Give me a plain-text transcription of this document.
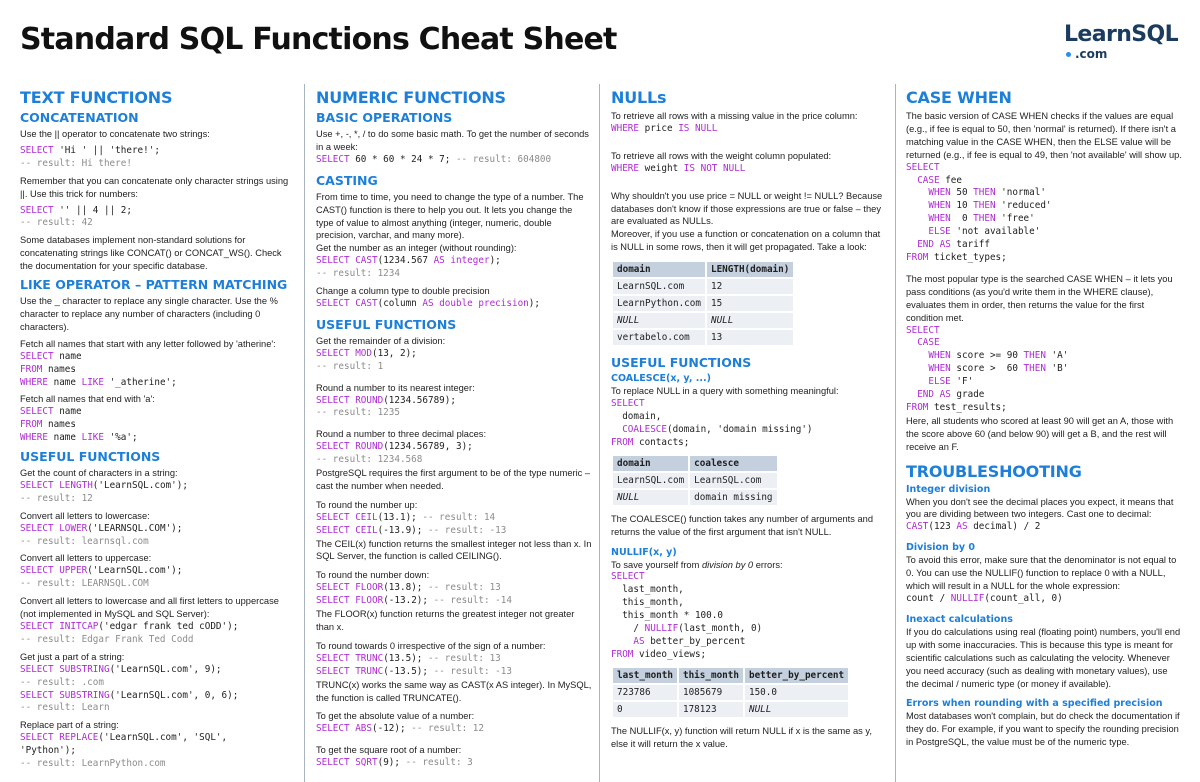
Standard SQL Functions Cheat Sheet	LearnSQL
.com
TEXT FUNCTIONS
CONCATENATION
Use the || operator to concatenate two strings:
SELECT 'Hi ' || 'there!';
-- result: Hi there!
Remember that you can concatenate only character strings using ||. Use this trick for numbers:
SELECT '' || 4 || 2;
-- result: 42
Some databases implement non-standard solutions for concatenating strings like CONCAT() or CONCAT_WS(). Check the documentation for your specific database.
LIKE OPERATOR – PATTERN MATCHING
Use the _ character to replace any single character. Use the % character to replace any number of characters (including 0 characters).
Fetch all names that start with any letter followed by 'atherine':
SELECT name
FROM names
WHERE name LIKE '_atherine';
Fetch all names that end with 'a':
SELECT name
FROM names
WHERE name LIKE '%a';
USEFUL FUNCTIONS
Get the count of characters in a string:
SELECT LENGTH('LearnSQL.com');
-- result: 12
Convert all letters to lowercase:
SELECT LOWER('LEARNSQL.COM');
-- result: learnsql.com
Convert all letters to uppercase:
SELECT UPPER('LearnSQL.com');
-- result: LEARNSQL.COM
Convert all letters to lowercase and all first letters to uppercase (not implemented in MySQL and SQL Server):
SELECT INITCAP('edgar frank ted cODD');
-- result: Edgar Frank Ted Codd
Get just a part of a string:
SELECT SUBSTRING('LearnSQL.com', 9);
-- result: .com
SELECT SUBSTRING('LearnSQL.com', 0, 6);
-- result: Learn
Replace part of a string:
SELECT REPLACE('LearnSQL.com', 'SQL',
'Python');
-- result: LearnPython.com
NUMERIC FUNCTIONS
BASIC OPERATIONS
Use +, -, *, / to do some basic math. To get the number of seconds in a week:
SELECT 60 * 60 * 24 * 7; -- result: 604800
CASTING
From time to time, you need to change the type of a number. The CAST() function is there to help you out. It lets you change the type of value to almost anything (integer, numeric, double precision, varchar, and many more).
Get the number as an integer (without rounding):
SELECT CAST(1234.567 AS integer);
-- result: 1234
Change a column type to double precision
SELECT CAST(column AS double precision);
USEFUL FUNCTIONS
Get the remainder of a division:
SELECT MOD(13, 2);
-- result: 1
Round a number to its nearest integer:
SELECT ROUND(1234.56789);
-- result: 1235
Round a number to three decimal places:
SELECT ROUND(1234.56789, 3);
-- result: 1234.568
PostgreSQL requires the first argument to be of the type numeric – cast the number when needed.
To round the number up:
SELECT CEIL(13.1); -- result: 14
SELECT CEIL(-13.9); -- result: -13
The CEIL(x) function returns the smallest integer not less than x. In SQL Server, the function is called CEILING().
To round the number down:
SELECT FLOOR(13.8); -- result: 13
SELECT FLOOR(-13.2); -- result: -14
The FLOOR(x) function returns the greatest integer not greater than x.
To round towards 0 irrespective of the sign of a number:
SELECT TRUNC(13.5); -- result: 13
SELECT TRUNC(-13.5); -- result: -13
TRUNC(x) works the same way as CAST(x AS integer). In MySQL, the function is called TRUNCATE().
To get the absolute value of a number:
SELECT ABS(-12); -- result: 12
To get the square root of a number:
SELECT SQRT(9); -- result: 3
NULLs
To retrieve all rows with a missing value in the price column:
WHERE price IS NULL
To retrieve all rows with the weight column populated:
WHERE weight IS NOT NULL
Why shouldn't you use price = NULL or weight != NULL? Because databases don't know if those expressions are true or false – they are evaluated as NULLs.
Moreover, if you use a function or concatenation on a column that is NULL in some rows, then it will get propagated. Take a look:
domain	LENGTH(domain)
LearnSQL.com	12
LearnPython.com	15
NULL	NULL
vertabelo.com	13
USEFUL FUNCTIONS
COALESCE(x, y, ...)
To replace NULL in a query with something meaningful:
SELECT
domain,
COALESCE(domain, 'domain missing')
FROM contacts;
domain	coalesce
LearnSQL.com	LearnSQL.com
NULL	domain missing
The COALESCE() function takes any number of arguments and returns the value of the first argument that isn't NULL.
NULLIF(x, y)
To save yourself from division by 0 errors:
SELECT
last_month,
this_month,
this_month * 100.0
/ NULLIF(last_month, 0)
AS better_by_percent
FROM video_views;
last_month	this_month	better_by_percent
723786	1085679	150.0
0	178123	NULL
The NULLIF(x, y) function will return NULL if x is the same as y, else it will return the x value.
CASE WHEN
The basic version of CASE WHEN checks if the values are equal (e.g., if fee is equal to 50, then 'normal' is returned). If there isn't a matching value in the CASE WHEN, then the ELSE value will be returned (e.g., if fee is equal to 49, then 'not available' will show up.
SELECT
CASE fee
WHEN 50 THEN 'normal'
WHEN 10 THEN 'reduced'
WHEN  0 THEN 'free'
ELSE 'not available'
END AS tariff
FROM ticket_types;
The most popular type is the searched CASE WHEN – it lets you pass conditions (as you'd write them in the WHERE clause), evaluates them in order, then returns the value for the first condition met.
SELECT
CASE
WHEN score >= 90 THEN 'A'
WHEN score >  60 THEN 'B'
ELSE 'F'
END AS grade
FROM test_results;
Here, all students who scored at least 90 will get an A, those with the score above 60 (and below 90) will get a B, and the rest will receive an F.
TROUBLESHOOTING
Integer division
When you don't see the decimal places you expect, it means that you are dividing between two integers. Cast one to decimal:
CAST(123 AS decimal) / 2
Division by 0
To avoid this error, make sure that the denominator is not equal to 0. You can use the NULLIF() function to replace 0 with a NULL, which will result in a NULL for the whole expression:
count / NULLIF(count_all, 0)
Inexact calculations
If you do calculations using real (floating point) numbers, you'll end up with some inaccuracies. This is because this type is meant for scientific calculations such as calculating the velocity. Whenever you need accuracy (such as dealing with monetary values), use the decimal / numeric type (or money if available).
Errors when rounding with a specified precision
Most databases won't complain, but do check the documentation if they do. For example, if you want to specify the rounding precision in PostgreSQL, the value must be of the numeric type.
